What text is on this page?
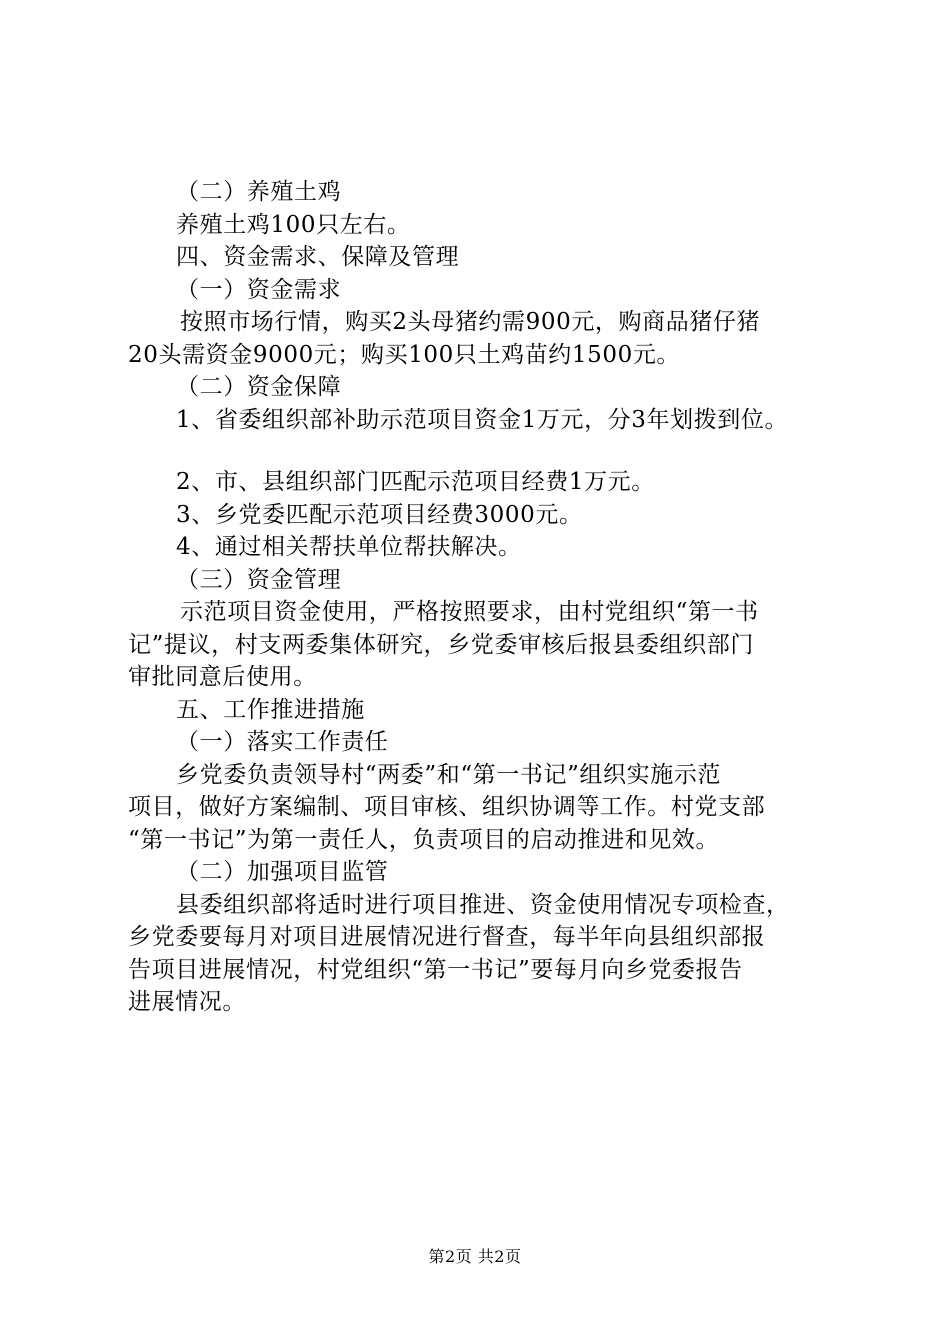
（二）养殖土鸡
养殖土鸡100只左右。
四、资金需求、保障及管理
（一）资金需求
按照市场行情，购买2头母猪约需900元，购商品猪仔猪
20头需资金9000元；购买100只土鸡苗约1500元。
（二）资金保障
1、省委组织部补助示范项目资金1万元，分3年划拨到位。
2、市、县组织部门匹配示范项目经费1万元。
3、乡党委匹配示范项目经费3000元。
4、通过相关帮扶单位帮扶解决。
（三）资金管理
示范项目资金使用，严格按照要求，由村党组织“第一书
记”提议，村支两委集体研究，乡党委审核后报县委组织部门
审批同意后使用。
五、工作推进措施
（一）落实工作责任
乡党委负责领导村“两委”和“第一书记”组织实施示范
项目，做好方案编制、项目审核、组织协调等工作。村党支部
“第一书记”为第一责任人，负责项目的启动推进和见效。
（二）加强项目监管
县委组织部将适时进行项目推进、资金使用情况专项检查，
乡党委要每月对项目进展情况进行督查，每半年向县组织部报
告项目进展情况，村党组织“第一书记”要每月向乡党委报告
进展情况。
第2页 共2页
